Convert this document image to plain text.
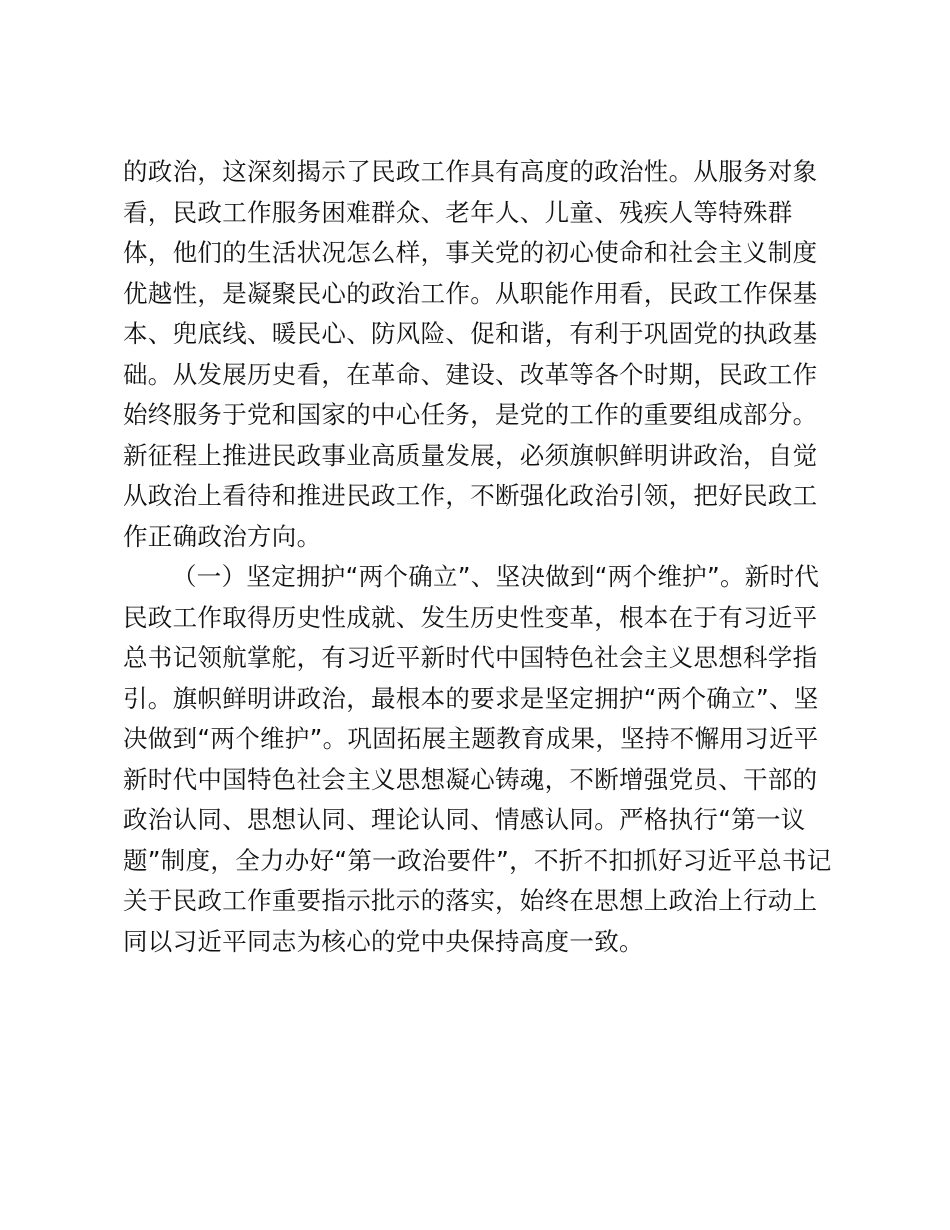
的政治，这深刻揭示了民政工作具有高度的政治性。从服务对象
看，民政工作服务困难群众、老年人、儿童、残疾人等特殊群
体，他们的生活状况怎么样，事关党的初心使命和社会主义制度
优越性，是凝聚民心的政治工作。从职能作用看，民政工作保基
本、兜底线、暖民心、防风险、促和谐，有利于巩固党的执政基
础。从发展历史看，在革命、建设、改革等各个时期，民政工作
始终服务于党和国家的中心任务，是党的工作的重要组成部分。
新征程上推进民政事业高质量发展，必须旗帜鲜明讲政治，自觉
从政治上看待和推进民政工作，不断强化政治引领，把好民政工
作正确政治方向。
（一）坚定拥护“两个确立”、坚决做到“两个维护”。新时代
民政工作取得历史性成就、发生历史性变革，根本在于有习近平
总书记领航掌舵，有习近平新时代中国特色社会主义思想科学指
引。旗帜鲜明讲政治，最根本的要求是坚定拥护“两个确立”、坚
决做到“两个维护”。巩固拓展主题教育成果，坚持不懈用习近平
新时代中国特色社会主义思想凝心铸魂，不断增强党员、干部的
政治认同、思想认同、理论认同、情感认同。严格执行“第一议
题”制度，全力办好“第一政治要件”，不折不扣抓好习近平总书记
关于民政工作重要指示批示的落实，始终在思想上政治上行动上
同以习近平同志为核心的党中央保持高度一致。
